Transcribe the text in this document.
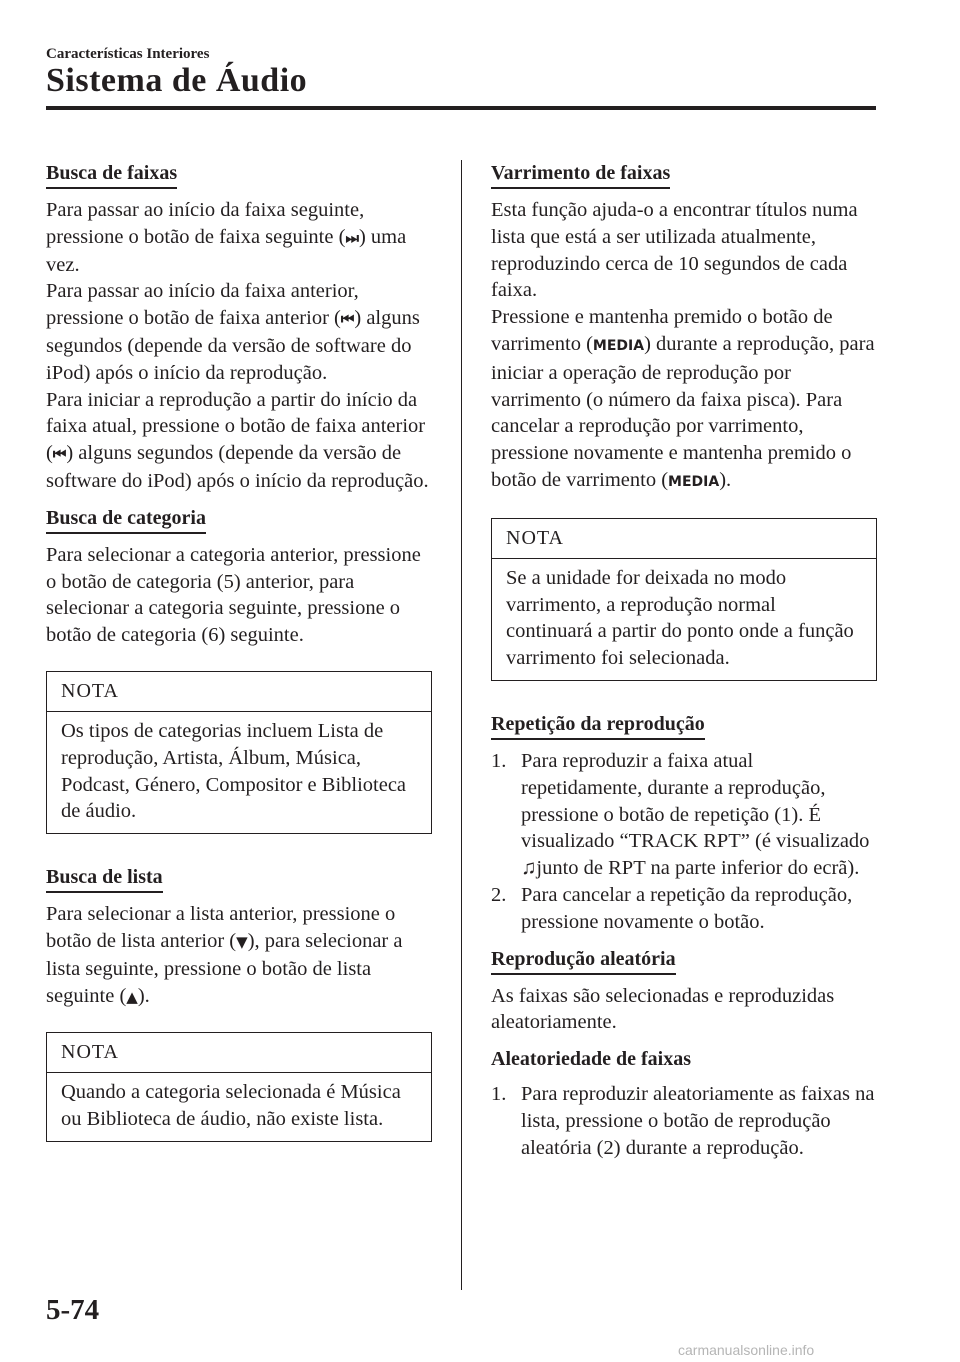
Características Interiores
Sistema de Áudio
Busca de faixas

Para passar ao início da faixa seguinte, pressione o botão de faixa seguinte (⏭) uma vez.
Para passar ao início da faixa anterior, pressione o botão de faixa anterior (⏮) alguns segundos (depende da versão de software do iPod) após o início da reprodução.
Para iniciar a reprodução a partir do início da faixa atual, pressione o botão de faixa anterior (⏮) alguns segundos (depende da versão de software do iPod) após o início da reprodução.

Busca de categoria

Para selecionar a categoria anterior, pressione o botão de categoria (5) anterior, para selecionar a categoria seguinte, pressione o botão de categoria (6) seguinte.

NOTA
Os tipos de categorias incluem Lista de reprodução, Artista, Álbum, Música, Podcast, Género, Compositor e Biblioteca de áudio.
Busca de lista

Para selecionar a lista anterior, pressione o botão de lista anterior (▼), para selecionar a lista seguinte, pressione o botão de lista seguinte (▲).

NOTA
Quando a categoria selecionada é Música ou Biblioteca de áudio, não existe lista.
Varrimento de faixas

Esta função ajuda-o a encontrar títulos numa lista que está a ser utilizada atualmente, reproduzindo cerca de 10 segundos de cada faixa.
Pressione e mantenha premido o botão de varrimento (MEDIA) durante a reprodução, para iniciar a operação de reprodução por varrimento (o número da faixa pisca). Para cancelar a reprodução por varrimento, pressione novamente e mantenha premido o botão de varrimento (MEDIA).

NOTA
Se a unidade for deixada no modo varrimento, a reprodução normal continuará a partir do ponto onde a função varrimento foi selecionada.
Repetição da reprodução
1. Para reproduzir a faixa atual repetidamente, durante a reprodução, pressione o botão de repetição (1). É visualizado “TRACK RPT” (é visualizado ♫junto de RPT na parte inferior do ecrã).
2. Para cancelar a repetição da reprodução, pressione novamente o botão.
Reprodução aleatória

As faixas são selecionadas e reproduzidas aleatoriamente.

Aleatoriedade de faixas
1. Para reproduzir aleatoriamente as faixas na lista, pressione o botão de reprodução aleatória (2) durante a reprodução.
5-74
carmanualsonline.info
